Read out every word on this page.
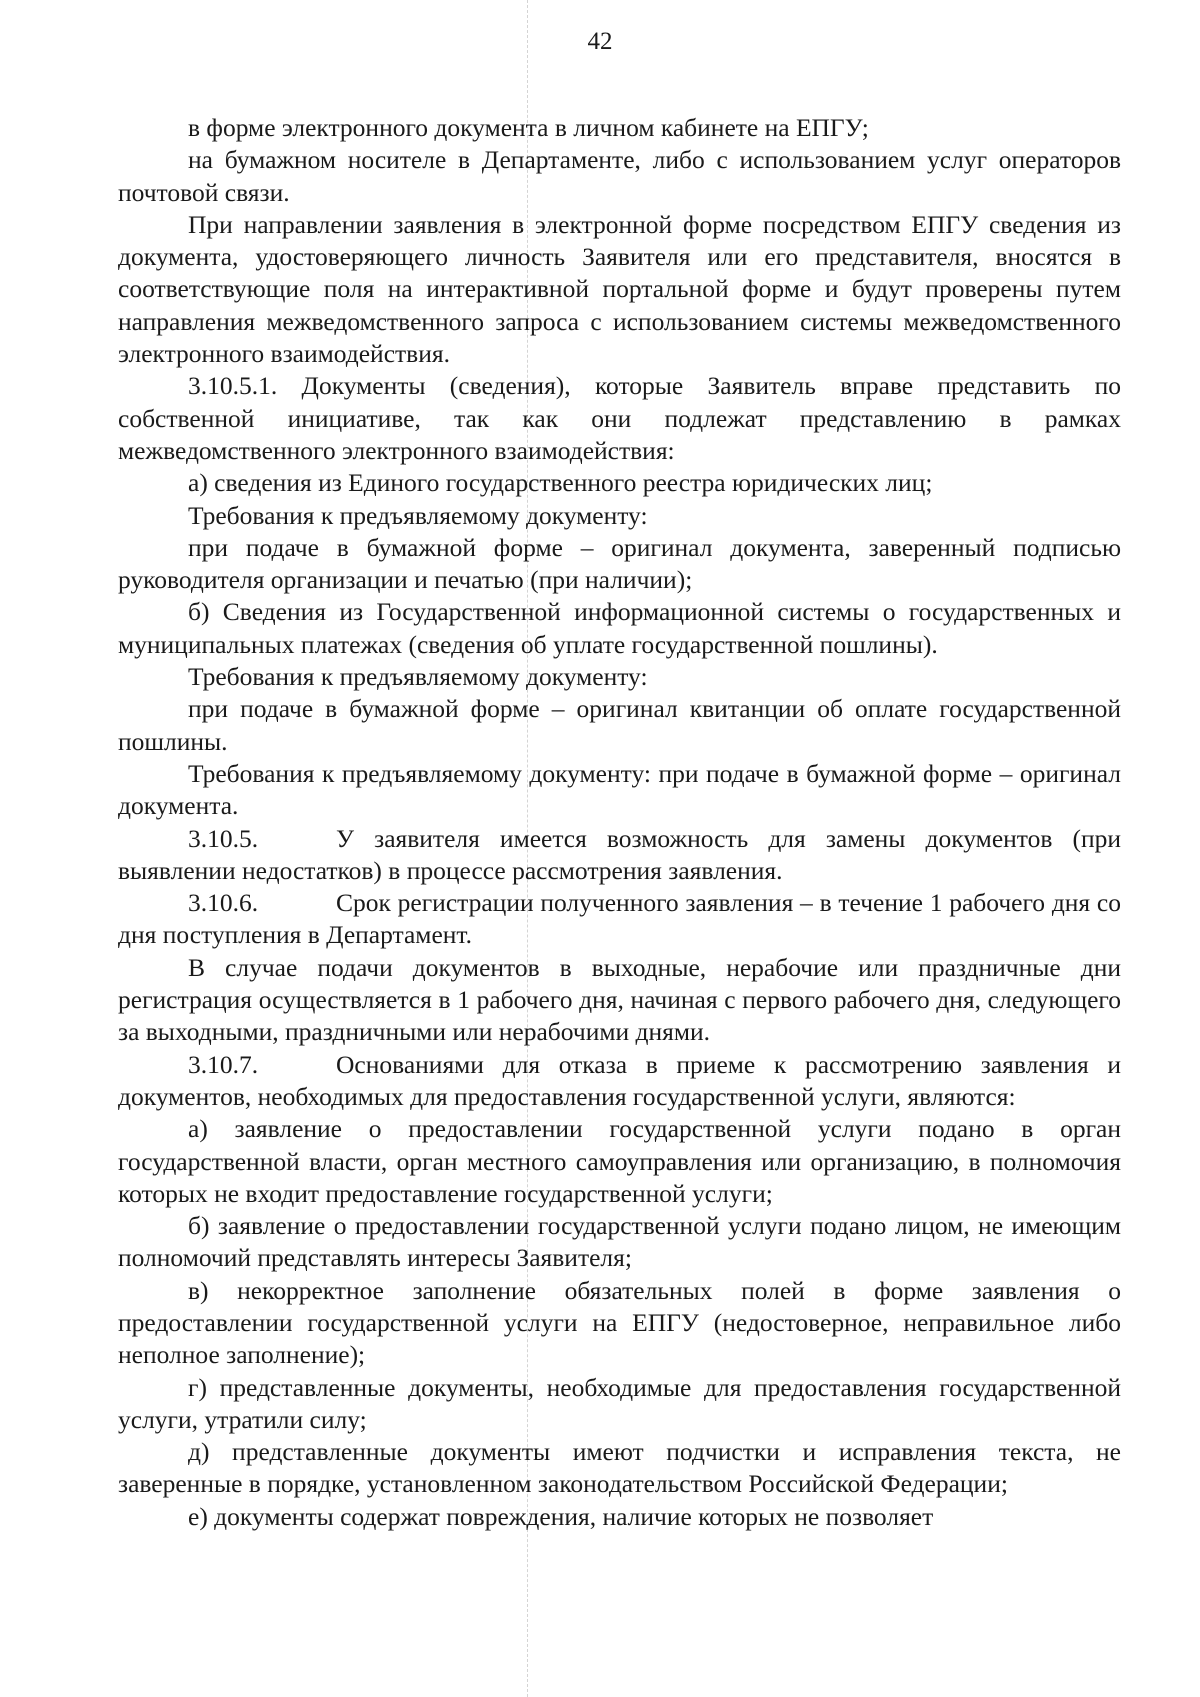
42

в форме электронного документа в личном кабинете на ЕПГУ;

на бумажном носителе в Департаменте, либо с использованием услуг операторов почтовой связи.

При направлении заявления в электронной форме посредством ЕПГУ сведения из документа, удостоверяющего личность Заявителя или его представителя, вносятся в соответствующие поля на интерактивной портальной форме и будут проверены путем направления межведомственного запроса с использованием системы межведомственного электронного взаимодействия.

3.10.5.1. Документы (сведения), которые Заявитель вправе представить по собственной инициативе, так как они подлежат представлению в рамках межведомственного электронного взаимодействия:

а) сведения из Единого государственного реестра юридических лиц;

Требования к предъявляемому документу:

при подаче в бумажной форме – оригинал документа, заверенный подписью руководителя организации и печатью (при наличии);

б) Сведения из Государственной информационной системы о государственных и муниципальных платежах (сведения об уплате государственной пошлины).

Требования к предъявляемому документу:

при подаче в бумажной форме – оригинал квитанции об оплате государственной пошлины.

Требования к предъявляемому документу: при подаче в бумажной форме – оригинал документа.

3.10.5.	У заявителя имеется возможность для замены документов (при выявлении недостатков) в процессе рассмотрения заявления.

3.10.6.	Срок регистрации полученного заявления – в течение 1 рабочего дня со дня поступления в Департамент.

В случае подачи документов в выходные, нерабочие или праздничные дни регистрация осуществляется в 1 рабочего дня, начиная с первого рабочего дня, следующего за выходными, праздничными или нерабочими днями.

3.10.7.	Основаниями для отказа в приеме к рассмотрению заявления и документов, необходимых для предоставления государственной услуги, являются:

а) заявление о предоставлении государственной услуги подано в орган государственной власти, орган местного самоуправления или организацию, в полномочия которых не входит предоставление государственной услуги;

б) заявление о предоставлении государственной услуги подано лицом, не имеющим полномочий представлять интересы Заявителя;

в) некорректное заполнение обязательных полей в форме заявления о предоставлении государственной услуги на ЕПГУ (недостоверное, неправильное либо неполное заполнение);

г) представленные документы, необходимые для предоставления государственной услуги, утратили силу;

д) представленные документы имеют подчистки и исправления текста, не заверенные в порядке, установленном законодательством Российской Федерации;

е) документы содержат повреждения, наличие которых не позволяет
